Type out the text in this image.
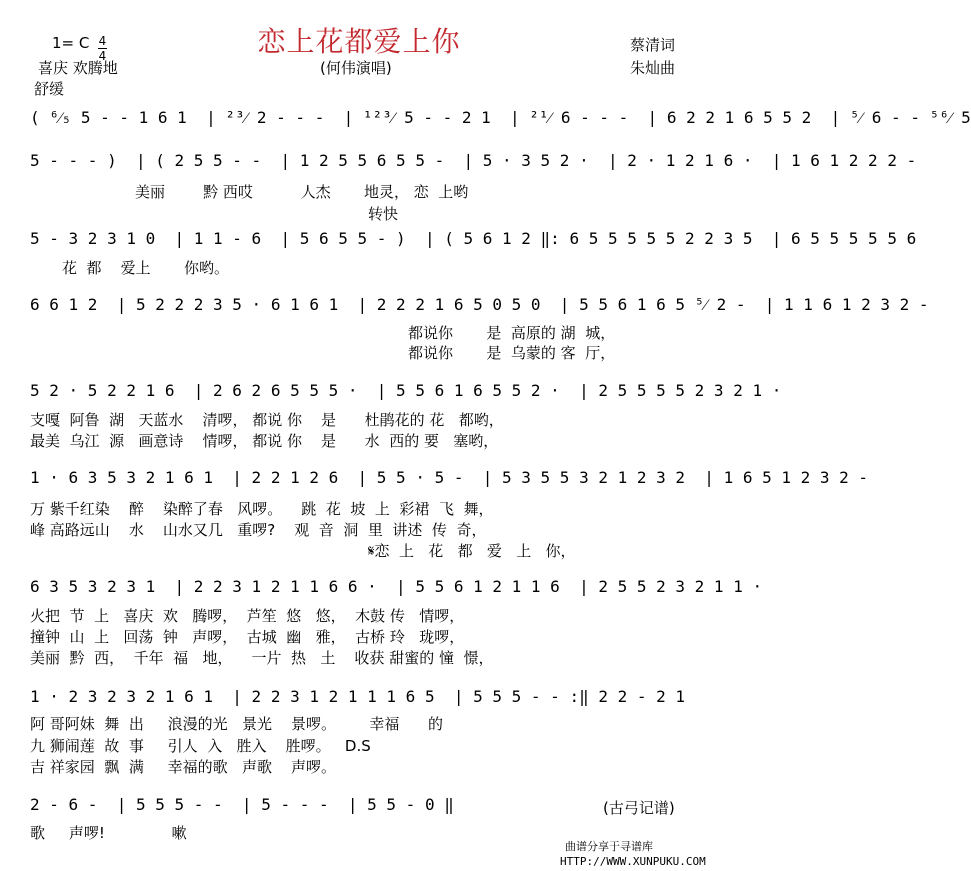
1= C 4
4	恋上花都爱上你	蔡清词
朱灿曲
喜庆 欢腾地	(何伟演唱)
舒缓
( ⁶⁄₅ 5 - - 1 6 1  | ²³⁄ 2 - - -  | ¹²³⁄ 5 - - 2 1  | ²¹⁄ 6 - - -  | 6 2 2 1 6 5 5 2  | ⁵⁄ 6 - - ⁵⁶⁄ 5
5 - - - )  | ( 2 5 5 - -  | 1 2 5 5 6 5 5 -  | 5 · 3 5 2 ·  | 2 · 1 2 1 6 ·  | 1 6 1 2 2 2 -
美丽        黔 西哎          人杰       地灵， 恋  上哟
转快
5 - 3 2 3 1 0  | 1 1 - 6  | 5 6 5 5 - )  | ( 5 6 1 2 ‖: 6 5 5 5 5 5 2 2 3 5  | 6 5 5 5 5 5 6
花  都    爱上       你哟。
6 6 1 2  | 5 2 2 2 3 5 · 6 1 6 1  | 2 2 2 1 6 5 0 5 0  | 5 5 6 1 6 5 ⁵⁄ 2 -  | 1 1 6 1 2 3 2 -
都说你       是  高原的 湖  城，
都说你       是  乌蒙的 客  厅，
5 2 · 5 2 2 1 6  | 2 6 2 6 5 5 5 ·  | 5 5 6 1 6 5 5 2 ·  | 2 5 5 5 5 2 3 2 1 ·
支嘎  阿鲁  湖   天蓝水    清啰， 都说 你    是      杜鹃花的 花   都哟，
最美  乌江  源   画意诗    情啰， 都说 你    是      水  西的 要   塞哟，
1 · 6 3 5 3 2 1 6 1  | 2 2 1 2 6  | 5 5 · 5 -  | 5 3 5 5 3 2 1 2 3 2  | 1 6 5 1 2 3 2 -
万 紫千红染    醉    染醉了春   风啰。    跳  花  坡  上  彩裙  飞  舞，
峰 高路远山    水    山水又几   重啰?    观  音  洞  里  讲述  传  奇，
𝄋恋  上   花   都   爱   上   你，
6 3 5 3 2 3 1  | 2 2 3 1 2 1 1 6 6 ·  | 5 5 6 1 2 1 1 6  | 2 5 5 2 3 2 1 1 ·
火把  节  上   喜庆  欢   腾啰，  芦笙  悠   悠，  木鼓 传   情啰，
撞钟  山  上   回荡  钟   声啰，  古城  幽   雅，  古桥 玲   珑啰，
美丽  黔  西，  千年  福   地，    一片  热   土    收获 甜蜜的 憧  憬，
1 · 2 3 2 3 2 1 6 1  | 2 2 3 1 2 1 1 1 6 5  | 5 5 5 - - :‖ 2 2 - 2 1
阿 哥阿妹  舞  出     浪漫的光   景光    景啰。       幸福      的
九 狮闹莲  故  事     引人  入   胜入    胜啰。   D.S
吉 祥家园  飘  满     幸福的歌   声歌    声啰。
2 - 6 -  | 5 5 5 - -  | 5 - - -  | 5 5 - 0 ‖
歌     声啰!              嗽
(古弓记谱)
曲谱分享于寻谱库
HTTP://WWW.XUNPUKU.COM
